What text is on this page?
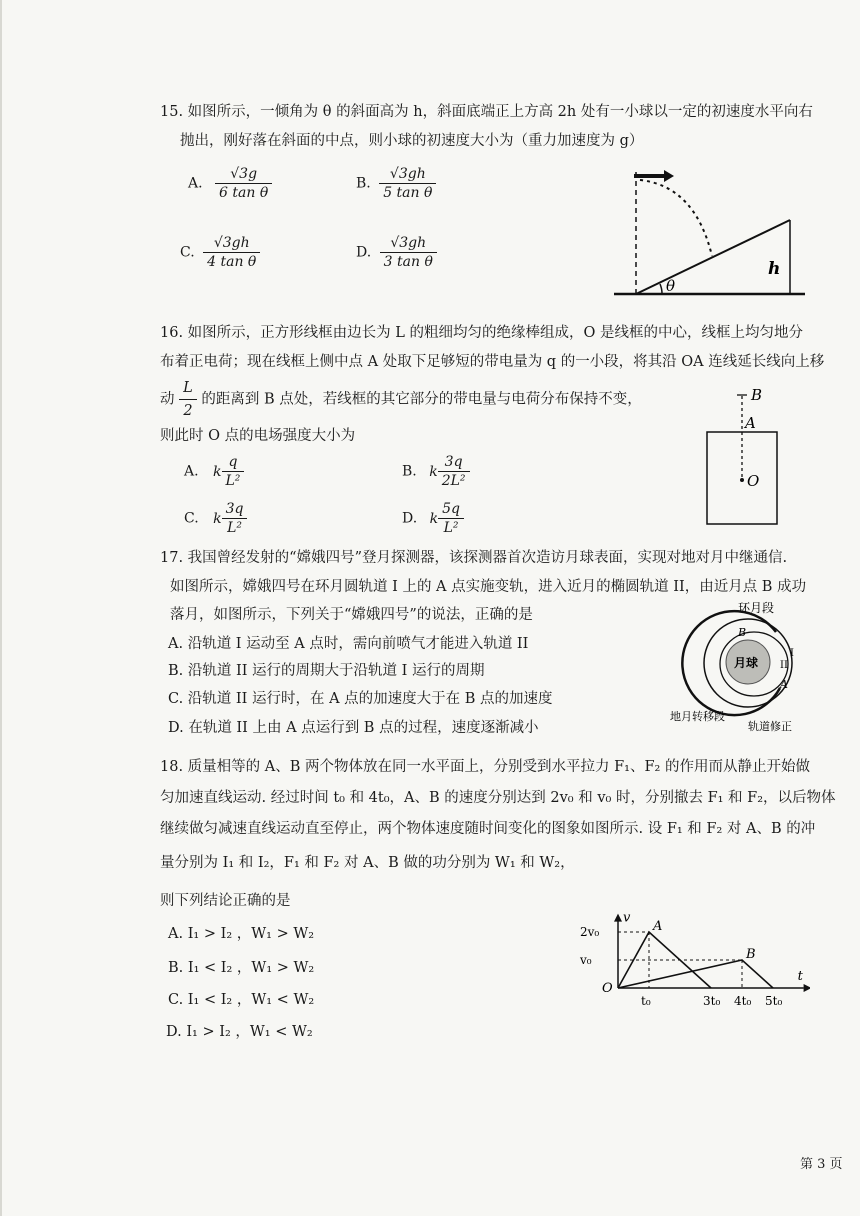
15. 如图所示，一倾角为 θ 的斜面高为 h，斜面底端正上方高 2h 处有一小球以一定的初速度水平向右
抛出，刚好落在斜面的中点，则小球的初速度大小为（重力加速度为 g）
A. $\frac{√3g}{\text{6 tan θ}}$	B. $\frac{√3gh}{\text{5 tan θ}}$
C. $\frac{√3gh}{\text{4 tan θ}}$	D. $\frac{√3gh}{\text{3 tan θ}}$
θ
h
16. 如图所示，正方形线框由边长为 L 的粗细均匀的绝缘棒组成，O 是线框的中心，线框上均匀地分
布着正电荷；现在线框上侧中点 A 处取下足够短的带电量为 q 的一小段，将其沿 OA 连线延长线向上移
动 $\frac{L}{2}$ 的距离到 B 点处，若线框的其它部分的带电量与电荷分布保持不变，
则此时 O 点的电场强度大小为
A. k $\frac{q}{\text{L²}}$	B. k $\frac{3q}{\text{2L²}}$
C. k $\frac{3q}{\text{L²}}$	D. k $\frac{5q}{\text{L²}}$
B
A
O
17. 我国曾经发射的“嫦娥四号”登月探测器，该探测器首次造访月球表面，实现对地对月中继通信.
如图所示，嫦娥四号在环月圆轨道 I 上的 A 点实施变轨，进入近月的椭圆轨道 II，由近月点 B 成功
落月，如图所示，下列关于“嫦娥四号”的说法，正确的是
A. 沿轨道 I 运动至 A 点时，需向前喷气才能进入轨道 II
B. 沿轨道 II 运行的周期大于沿轨道 I 运行的周期
C. 沿轨道 II 运行时，在 A 点的加速度大于在 B 点的加速度
D. 在轨道 II 上由 A 点运行到 B 点的过程，速度逐渐减小
环月段
月球
B
I
II
A
地月转移段
轨道修正
18. 质量相等的 A、B 两个物体放在同一水平面上，分别受到水平拉力 F₁、F₂ 的作用而从静止开始做
匀加速直线运动. 经过时间 t₀ 和 4t₀，A、B 的速度分别达到 2v₀ 和 v₀ 时，分别撤去 F₁ 和 F₂，以后物体
继续做匀减速直线运动直至停止，两个物体速度随时间变化的图象如图所示. 设 F₁ 和 F₂ 对 A、B 的冲
量分别为 I₁ 和 I₂，F₁ 和 F₂ 对 A、B 做的功分别为 W₁ 和 W₂，
则下列结论正确的是
A. I₁ > I₂ ，W₁ > W₂
B. I₁ < I₂ ，W₁ > W₂
C. I₁ < I₂ ，W₁ < W₂
D. I₁ > I₂ ，W₁ < W₂
t
v
O
t₀	3t₀ 4t₀ 5t₀
v₀
2v₀	A
B
第 3 页
